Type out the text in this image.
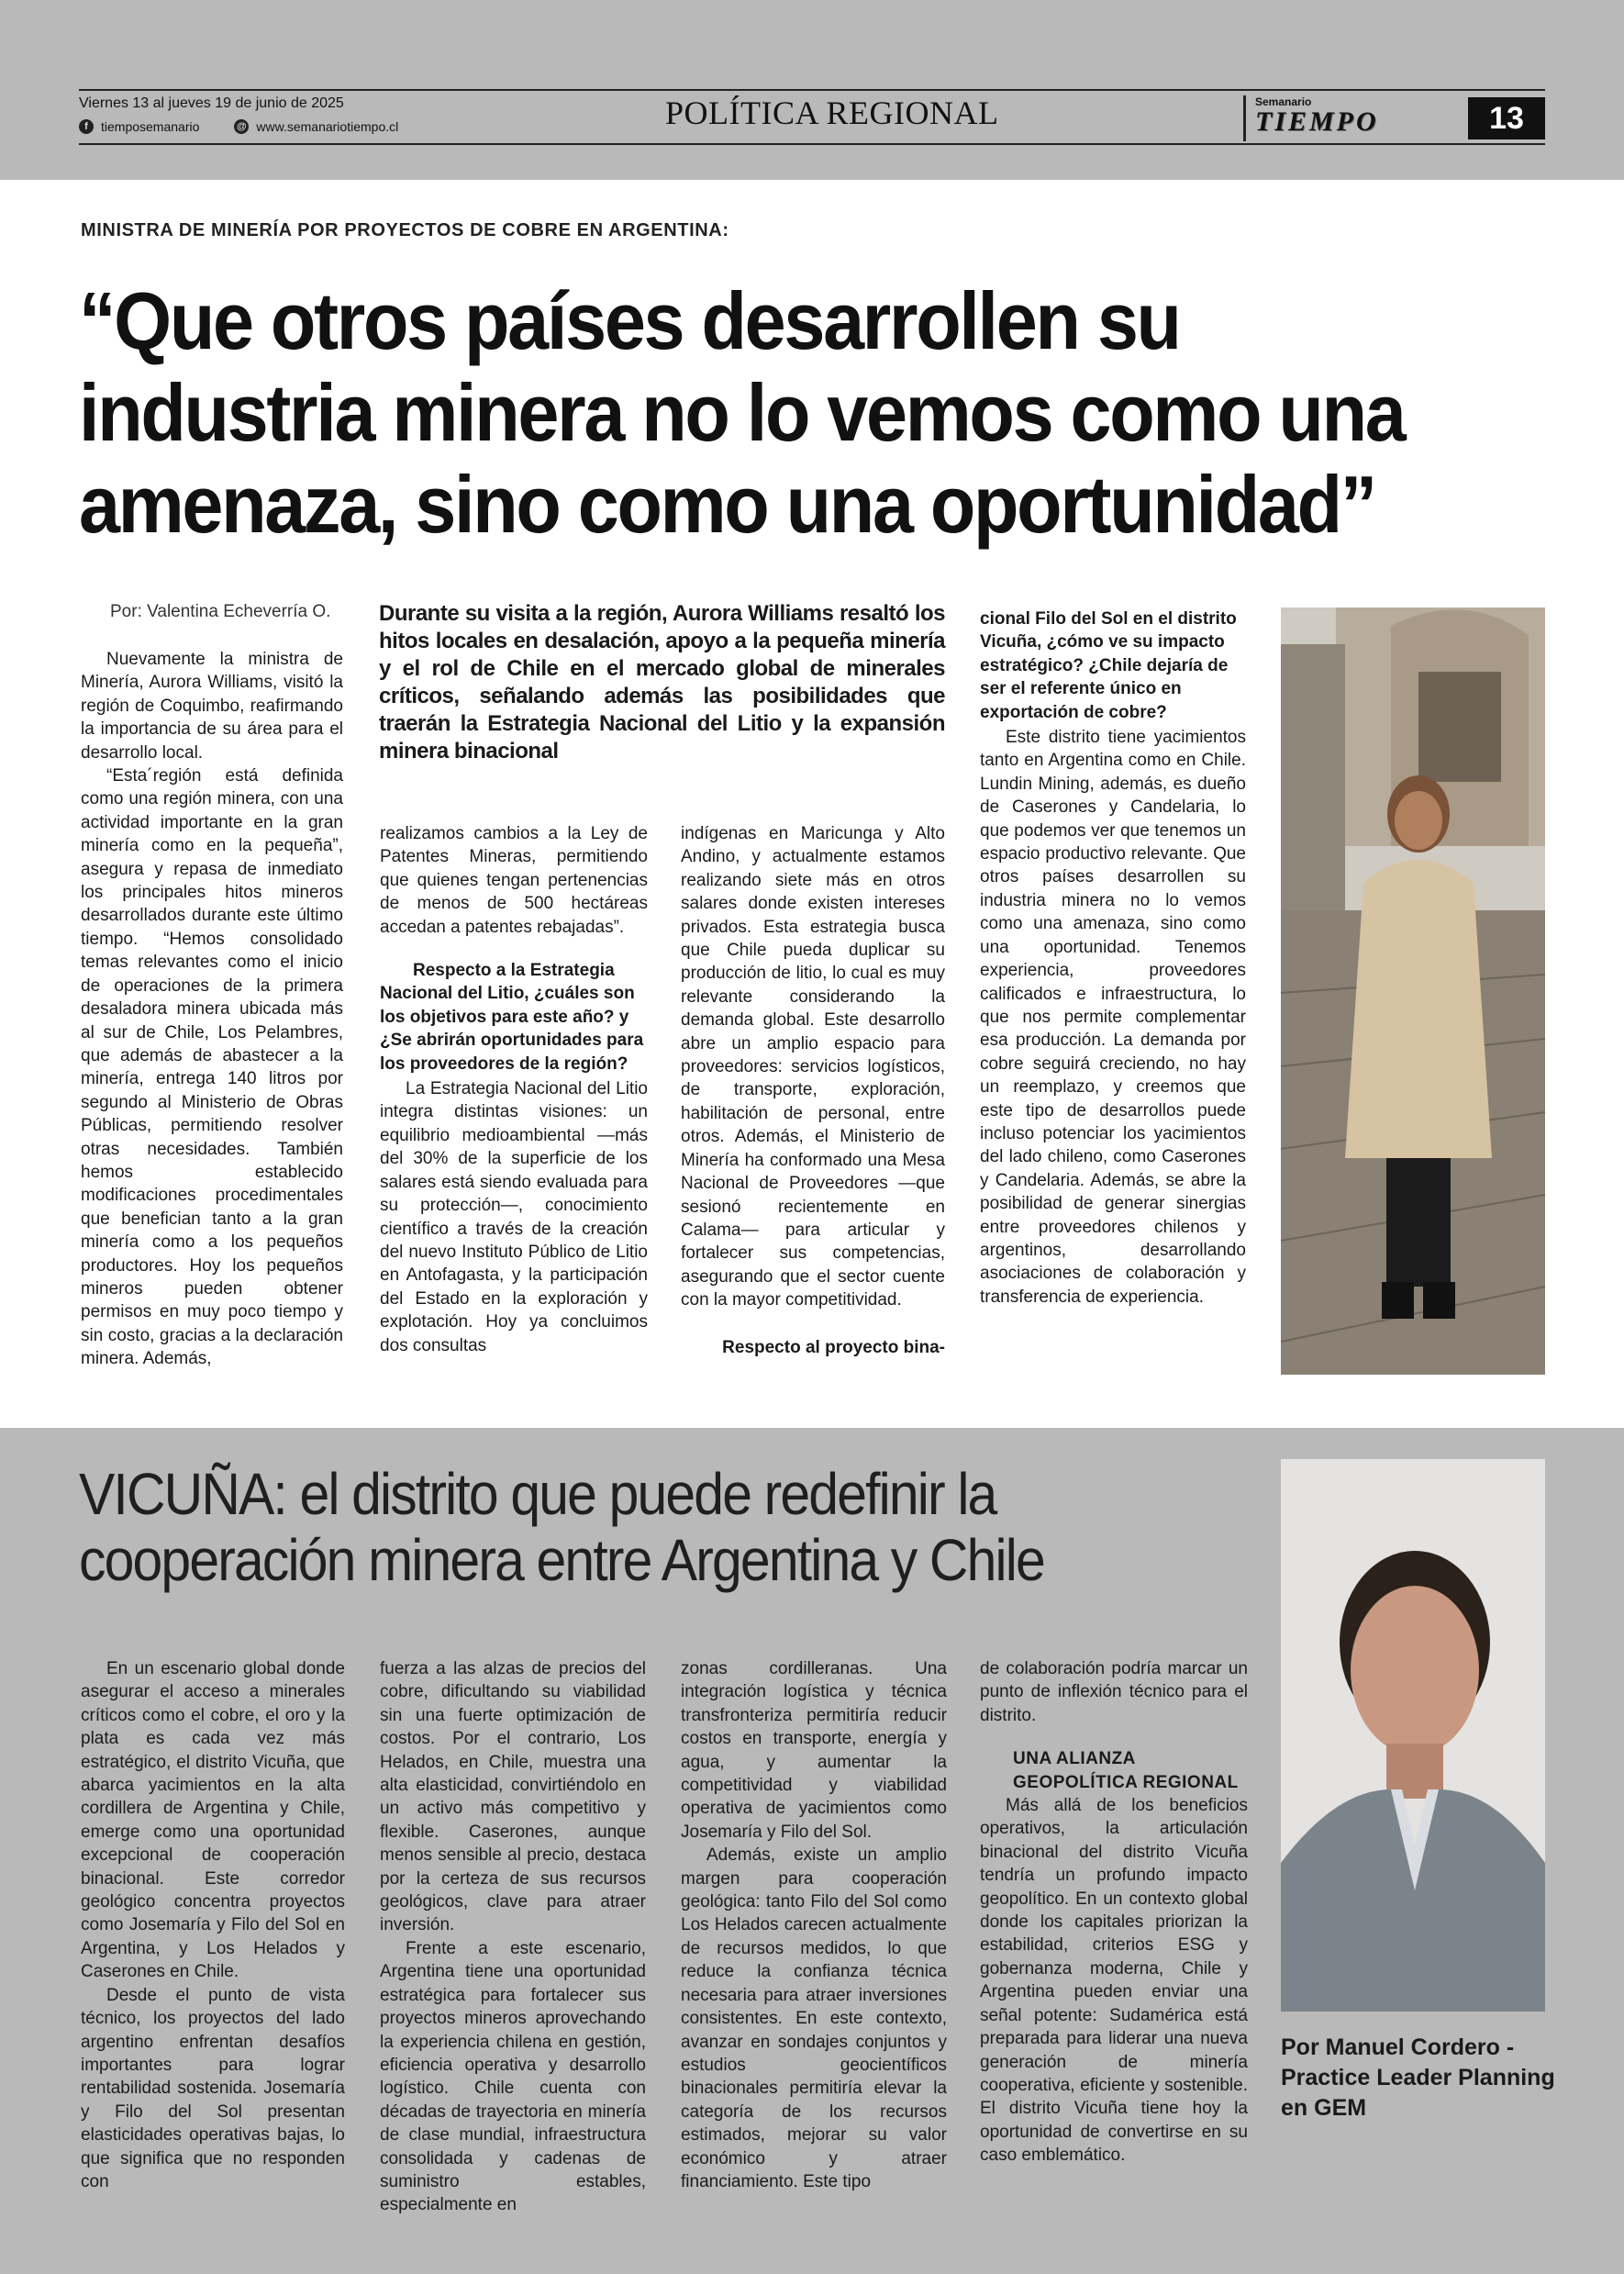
Viernes 13 al jueves 19 de junio de 2025
f	tiemposemanario	@ www.semanariotiempo.cl	POLÍTICA REGIONAL	Semanario
TIEMPO	13
MINISTRA DE MINERÍA POR PROYECTOS DE COBRE EN ARGENTINA:
“Que otros países desarrollen su industria minera no lo vemos como una amenaza, sino como una oportunidad”
Por: Valentina Echeverría O.

Nuevamente la ministra de Minería, Aurora Williams, visitó la región de Coquimbo, reafirmando la importancia de su área para el desarrollo local.

“Esta´región está definida como una región minera, con una actividad importante en la gran minería como en la pequeña”, asegura y repasa de inmediato los principales hitos mineros desarrollados durante este último tiempo. “Hemos consolidado temas relevantes como el inicio de operaciones de la primera desaladora minera ubicada más al sur de Chile, Los Pelambres, que además de abastecer a la minería, entrega 140 litros por segundo al Ministerio de Obras Públicas, permitiendo resolver otras necesidades. También hemos establecido modificaciones procedimentales que benefician tanto a la gran minería como a los pequeños productores. Hoy los pequeños mineros pueden obtener permisos en muy poco tiempo y sin costo, gracias a la declaración minera. Además,

Durante su visita a la región, Aurora Williams resaltó los hitos locales en desalación, apoyo a la pequeña minería y el rol de Chile en el mercado global de minerales críticos, señalando además las posibilidades que traerán la Estrategia Nacional del Litio y la expansión minera binacional

realizamos cambios a la Ley de Patentes Mineras, permitiendo que quienes tengan pertenencias de menos de 500 hectáreas accedan a patentes rebajadas”.

Respecto a la Estrategia Nacional del Litio, ¿cuáles son los objetivos para este año? y ¿Se abrirán oportunidades para los proveedores de la región?

La Estrategia Nacional del Litio integra distintas visiones: un equilibrio medioambiental —más del 30% de la superficie de los salares está siendo evaluada para su protección—, conocimiento científico a través de la creación del nuevo Instituto Público de Litio en Antofagasta, y la participación del Estado en la exploración y explotación. Hoy ya concluimos dos consultas

indígenas en Maricunga y Alto Andino, y actualmente estamos realizando siete más en otros salares donde existen intereses privados. Esta estrategia busca que Chile pueda duplicar su producción de litio, lo cual es muy relevante considerando la demanda global. Este desarrollo abre un amplio espacio para proveedores: servicios logísticos, de transporte, exploración, habilitación de personal, entre otros. Además, el Ministerio de Minería ha conformado una Mesa Nacional de Proveedores —que sesionó recientemente en Calama— para articular y fortalecer sus competencias, asegurando que el sector cuente con la mayor competitividad.

Respecto al proyecto bina-

cional Filo del Sol en el distrito Vicuña, ¿cómo ve su impacto estratégico? ¿Chile dejaría de ser el referente único en exportación de cobre?

Este distrito tiene yacimientos tanto en Argentina como en Chile. Lundin Mining, además, es dueño de Caserones y Candelaria, lo que podemos ver que tenemos un espacio productivo relevante. Que otros países desarrollen su industria minera no lo vemos como una amenaza, sino como una oportunidad. Tenemos experiencia, proveedores calificados e infraestructura, lo que nos permite complementar esa producción. La demanda por cobre seguirá creciendo, no hay un reemplazo, y creemos que este tipo de desarrollos puede incluso potenciar los yacimientos del lado chileno, como Caserones y Candelaria. Además, se abre la posibilidad de generar sinergias entre proveedores chilenos y argentinos, desarrollando asociaciones de colaboración y transferencia de experiencia.

VICUÑA: el distrito que puede redefinir la cooperación minera entre Argentina y Chile

En un escenario global donde asegurar el acceso a minerales críticos como el cobre, el oro y la plata es cada vez más estratégico, el distrito Vicuña, que abarca yacimientos en la alta cordillera de Argentina y Chile, emerge como una oportunidad excepcional de cooperación binacional. Este corredor geológico concentra proyectos como Josemaría y Filo del Sol en Argentina, y Los Helados y Caserones en Chile.

Desde el punto de vista técnico, los proyectos del lado argentino enfrentan desafíos importantes para lograr rentabilidad sostenida. Josemaría y Filo del Sol presentan elasticidades operativas bajas, lo que significa que no responden con

fuerza a las alzas de precios del cobre, dificultando su viabilidad sin una fuerte optimización de costos. Por el contrario, Los Helados, en Chile, muestra una alta elasticidad, convirtiéndolo en un activo más competitivo y flexible. Caserones, aunque menos sensible al precio, destaca por la certeza de sus recursos geológicos, clave para atraer inversión.

Frente a este escenario, Argentina tiene una oportunidad estratégica para fortalecer sus proyectos mineros aprovechando la experiencia chilena en gestión, eficiencia operativa y desarrollo logístico. Chile cuenta con décadas de trayectoria en minería de clase mundial, infraestructura consolidada y cadenas de suministro estables, especialmente en

zonas cordilleranas. Una integración logística y técnica transfronteriza permitiría reducir costos en transporte, energía y agua, y aumentar la competitividad y viabilidad operativa de yacimientos como Josemaría y Filo del Sol.

Además, existe un amplio margen para cooperación geológica: tanto Filo del Sol como Los Helados carecen actualmente de recursos medidos, lo que reduce la confianza técnica necesaria para atraer inversiones consistentes. En este contexto, avanzar en sondajes conjuntos y estudios geocientíficos binacionales permitiría elevar la categoría de los recursos estimados, mejorar su valor económico y atraer financiamiento. Este tipo

de colaboración podría marcar un punto de inflexión técnico para el distrito.

UNA ALIANZA GEOPOLÍTICA REGIONAL

Más allá de los beneficios operativos, la articulación binacional del distrito Vicuña tendría un profundo impacto geopolítico. En un contexto global donde los capitales priorizan la estabilidad, criterios ESG y gobernanza moderna, Chile y Argentina pueden enviar una señal potente: Sudamérica está preparada para liderar una nueva generación de minería cooperativa, eficiente y sostenible. El distrito Vicuña tiene hoy la oportunidad de convertirse en su caso emblemático.

Por Manuel Cordero - Practice Leader Planning en GEM
